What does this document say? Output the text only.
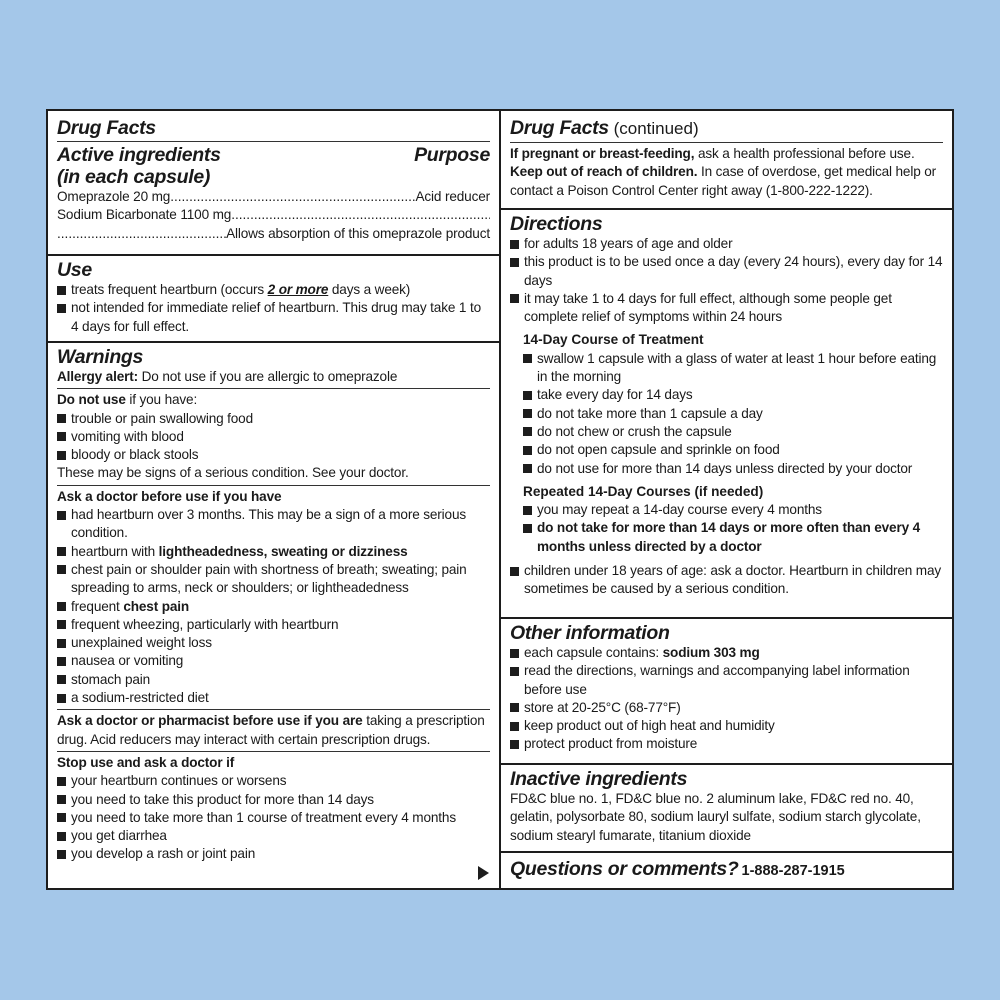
Drug Facts
Active ingredients	Purpose
(in each capsule)
Omeprazole 20 mg .....	Acid reducer
Sodium Bicarbonate 1100 mg
.....
.....
Allows absorption of this omeprazole product
Use
treats frequent heartburn (occurs 2 or more days a week)
not intended for immediate relief of heartburn. This drug may take 1 to 4 days for full effect.
Warnings
Allergy alert: Do not use if you are allergic to omeprazole
Do not use if you have:
trouble or pain swallowing food
vomiting with blood
bloody or black stools
These may be signs of a serious condition. See your doctor.
Ask a doctor before use if you have
had heartburn over 3 months. This may be a sign of a more serious condition.
heartburn with lightheadedness, sweating or dizziness
chest pain or shoulder pain with shortness of breath; sweating; pain spreading to arms, neck or shoulders; or lightheadedness
frequent chest pain
frequent wheezing, particularly with heartburn
unexplained weight loss
nausea or vomiting
stomach pain
a sodium-restricted diet
Ask a doctor or pharmacist before use if you are taking a prescription drug. Acid reducers may interact with certain prescription drugs.
Stop use and ask a doctor if
your heartburn continues or worsens
you need to take this product for more than 14 days
you need to take more than 1 course of treatment every 4 months
you get diarrhea
you develop a rash or joint pain
Drug Facts (continued)
If pregnant or breast-feeding, ask a health professional before use.
Keep out of reach of children. In case of overdose, get medical help or contact a Poison Control Center right away (1-800-222-1222).
Directions
for adults 18 years of age and older
this product is to be used once a day (every 24 hours), every day for 14 days
it may take 1 to 4 days for full effect, although some people get complete relief of symptoms within 24 hours
14-Day Course of Treatment
swallow 1 capsule with a glass of water at least 1 hour before eating in the morning
take every day for 14 days
do not take more than 1 capsule a day
do not chew or crush the capsule
do not open capsule and sprinkle on food
do not use for more than 14 days unless directed by your doctor
Repeated 14-Day Courses (if needed)
you may repeat a 14-day course every 4 months
do not take for more than 14 days or more often than every 4 months unless directed by a doctor
children under 18 years of age: ask a doctor. Heartburn in children may sometimes be caused by a serious condition.
Other information
each capsule contains: sodium 303 mg
read the directions, warnings and accompanying label information before use
store at 20-25°C (68-77°F)
keep product out of high heat and humidity
protect product from moisture
Inactive ingredients
FD&C blue no. 1, FD&C blue no. 2 aluminum lake, FD&C red no. 40, gelatin, polysorbate 80, sodium lauryl sulfate, sodium starch glycolate, sodium stearyl fumarate, titanium dioxide
Questions or comments? 1-888-287-1915
